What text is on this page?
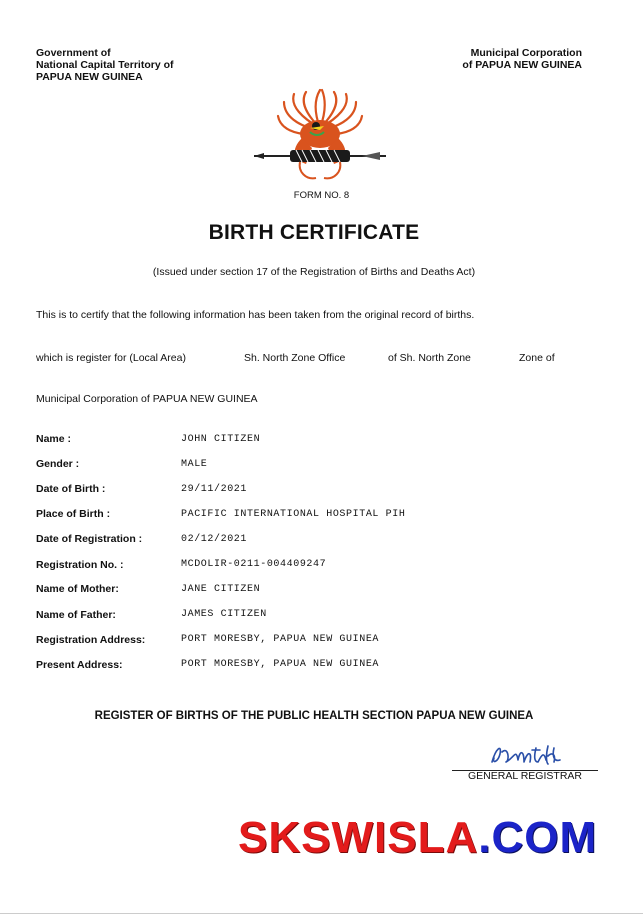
Government of
National Capital Territory of
PAPUA NEW GUINEA
Municipal Corporation
of PAPUA NEW GUINEA
FORM NO. 8
BIRTH CERTIFICATE
(Issued under section 17 of the Registration of Births and Deaths Act)
This is to certify that the following information has been taken from the original record of births.
which is register for (Local Area)	Sh. North Zone Office	of Sh. North Zone	Zone of
Municipal Corporation of PAPUA NEW GUINEA
Name :	JOHN CITIZEN
Gender :	MALE
Date of Birth :	29/11/2021
Place of Birth :	PACIFIC INTERNATIONAL HOSPITAL PIH
Date of Registration :	02/12/2021
Registration No. :	MCDOLIR-0211-004409247
Name of Mother:	JANE CITIZEN
Name of Father:	JAMES CITIZEN
Registration Address:	PORT MORESBY, PAPUA NEW GUINEA
Present Address:	PORT MORESBY, PAPUA NEW GUINEA
REGISTER OF BIRTHS OF THE PUBLIC HEALTH SECTION PAPUA NEW GUINEA
GENERAL REGISTRAR
SKSWISLA.COM
